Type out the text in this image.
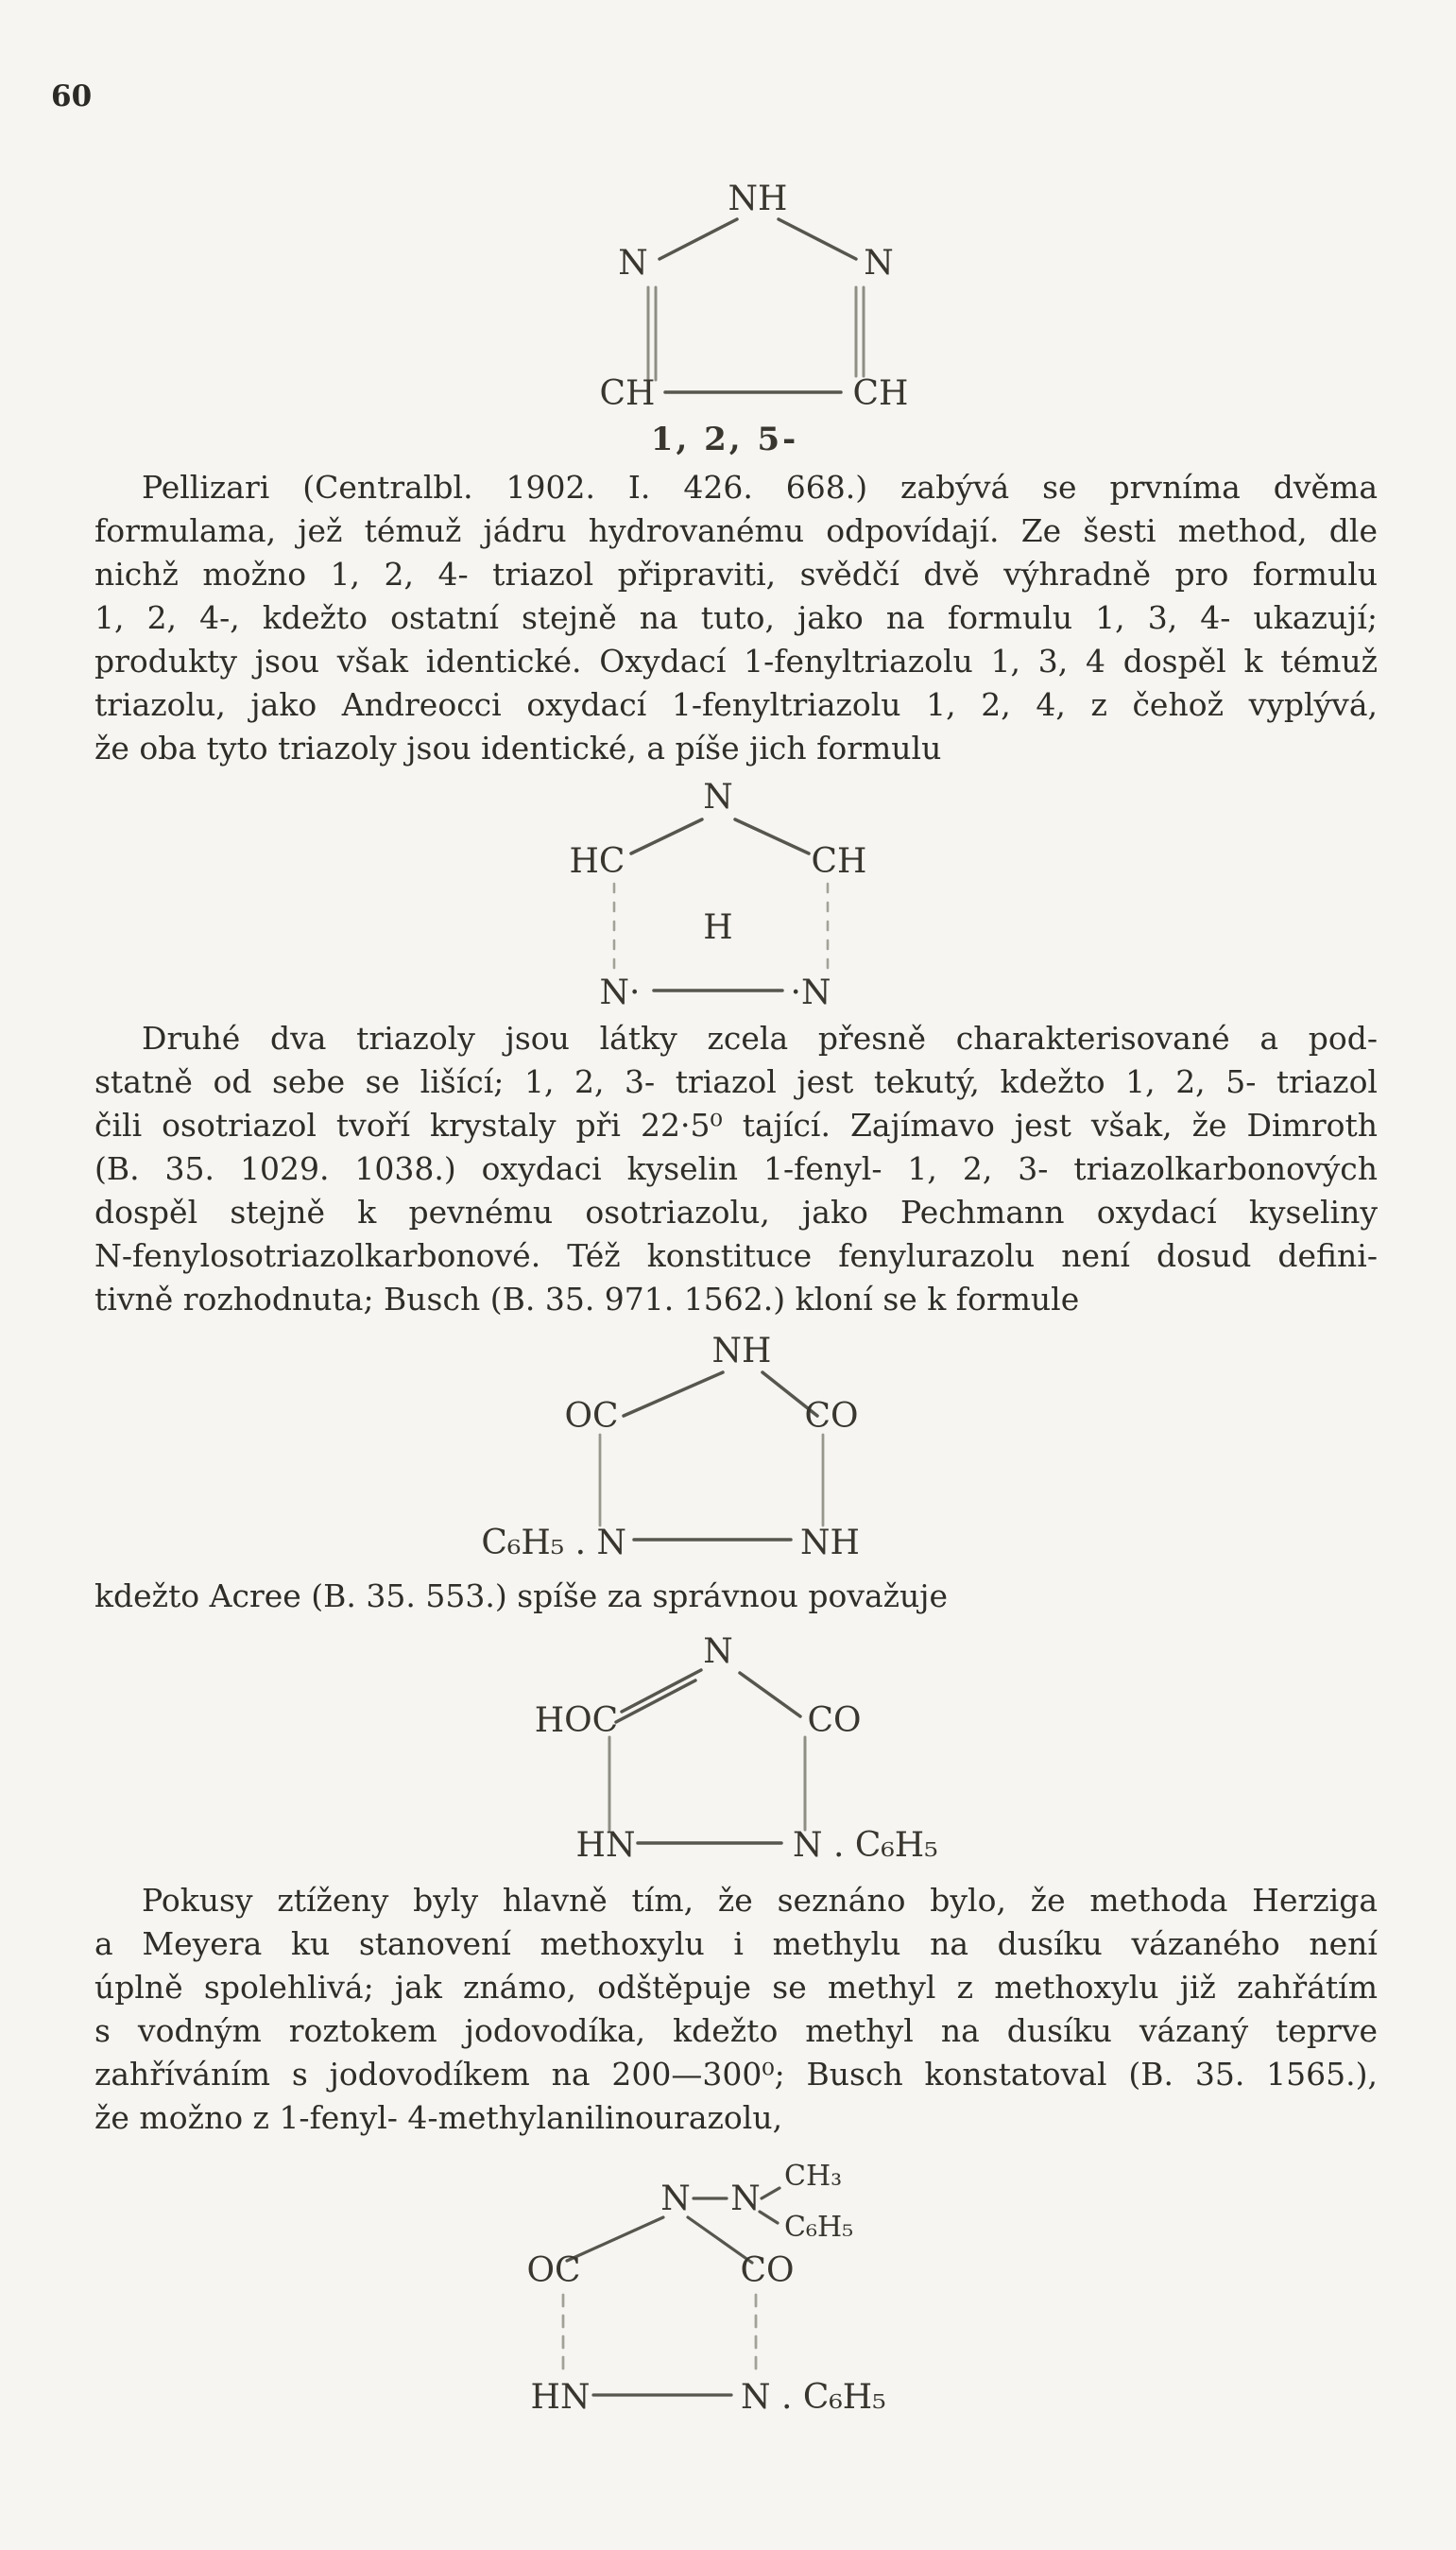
60
NH
N	N
CH	CH
1, 2, 5-

Pellizari (Centralbl. 1902. I. 426. 668.) zabývá se prvníma dvěma

formulama, jež témuž jádru hydrovanému odpovídají. Ze šesti method, dle

nichž možno 1, 2, 4- triazol připraviti, svědčí dvě výhradně pro formulu

1, 2, 4-, kdežto ostatní stejně na tuto, jako na formulu 1, 3, 4- ukazují;

produkty jsou však identické. Oxydací 1-fenyltriazolu 1, 3, 4 dospěl k témuž

triazolu, jako Andreocci oxydací 1-fenyltriazolu 1, 2, 4, z čehož vyplývá,

že oba tyto triazoly jsou identické, a píše jich formulu

N
HC	CH
H
N·	·N

Druhé dva triazoly jsou látky zcela přesně charakterisované a pod-

statně od sebe se lišící; 1, 2, 3- triazol jest tekutý, kdežto 1, 2, 5- triazol

čili osotriazol tvoří krystaly při 22·5⁰ tající. Zajímavo jest však, že Dimroth

(B. 35. 1029. 1038.) oxydaci kyselin 1-fenyl- 1, 2, 3- triazolkarbonových

dospěl stejně k pevnému osotriazolu, jako Pechmann oxydací kyseliny

N-fenylosotriazolkarbonové. Též konstituce fenylurazolu není dosud defini-

tivně rozhodnuta; Busch (B. 35. 971. 1562.) kloní se k formule

NH
OC	CO
C₆H₅ . N	NH

kdežto Acree (B. 35. 553.) spíše za správnou považuje

N
HOC	CO
HN	N . C₆H₅

Pokusy ztíženy byly hlavně tím, že seznáno bylo, že methoda Herziga

a Meyera ku stanovení methoxylu i methylu na dusíku vázaného není

úplně spolehlivá; jak známo, odštěpuje se methyl z methoxylu již zahřátím

s vodným roztokem jodovodíka, kdežto methyl na dusíku vázaný teprve

zahříváním s jodovodíkem na 200—300⁰; Busch konstatoval (B. 35. 1565.),

že možno z 1-fenyl- 4-methylanilinourazolu,

N N
CH₃
C₆H₅
OC	CO
HN	N . C₆H₅
